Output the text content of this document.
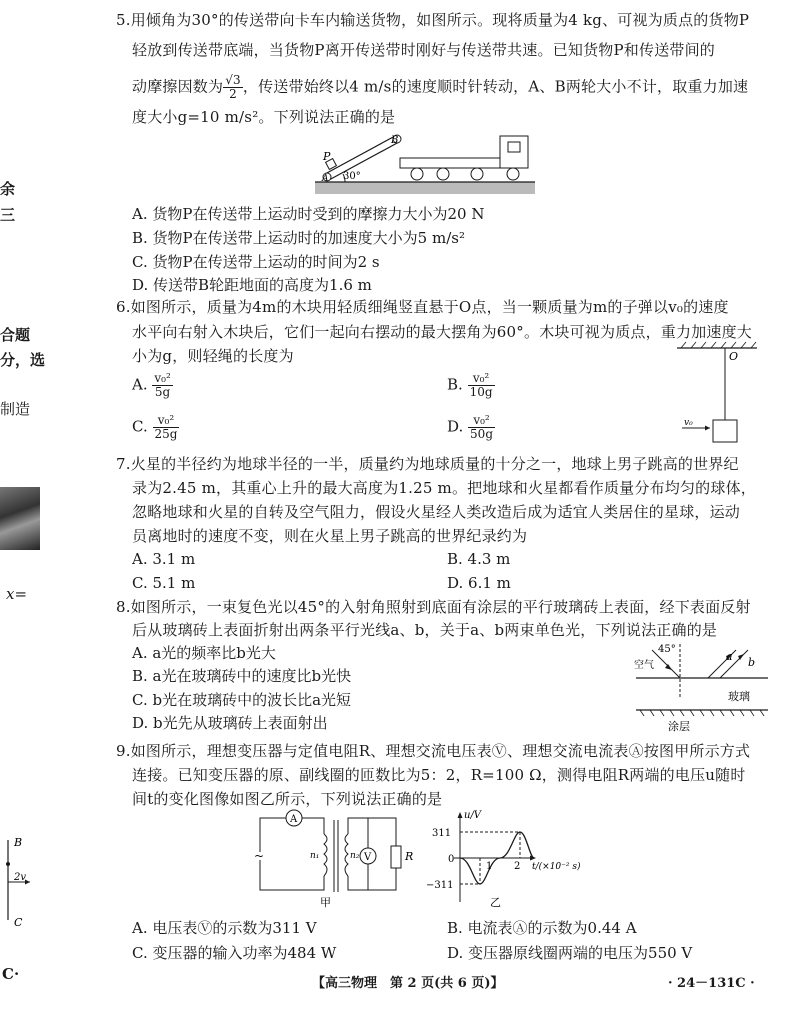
余
三
合题
分，选
制造
x=
C·
B
2v
C
5.用倾角为30°的传送带向卡车内输送货物，如图所示。现将质量为4 kg、可视为质点的货物P
轻放到传送带底端，当货物P离开传送带时刚好与传送带共速。已知货物P和传送带间的
动摩擦因数为 $\frac{√3}{2}$ ，传送带始终以4 m/s的速度顺时针转动，A、B两轮大小不计，取重力加速
度大小g=10 m/s²。下列说法正确的是
B
P
A 30°
A. 货物P在传送带上运动时受到的摩擦力大小为20 N
B. 货物P在传送带上运动时的加速度大小为5 m/s²
C. 货物P在传送带上运动的时间为2 s
D. 传送带B轮距地面的高度为1.6 m
6.如图所示，质量为4m的木块用轻质细绳竖直悬于O点，当一颗质量为m的子弹以v₀的速度
水平向右射入木块后，它们一起向右摆动的最大摆角为60°。木块可视为质点，重力加速度大
小为g，则轻绳的长度为
A. $\frac{\text{v₀²}}{5g}$	B. $\frac{\text{v₀²}}{10g}$
C. $\frac{\text{v₀²}}{25g}$	D. $\frac{\text{v₀²}}{50g}$
O
v₀
7.火星的半径约为地球半径的一半，质量约为地球质量的十分之一，地球上男子跳高的世界纪
录为2.45 m，其重心上升的最大高度为1.25 m。把地球和火星都看作质量分布均匀的球体，
忽略地球和火星的自转及空气阻力，假设火星经人类改造后成为适宜人类居住的星球，运动
员离地时的速度不变，则在火星上男子跳高的世界纪录约为
A. 3.1 m	B. 4.3 m
C. 5.1 m	D. 6.1 m
8.如图所示，一束复色光以45°的入射角照射到底面有涂层的平行玻璃砖上表面，经下表面反射
后从玻璃砖上表面折射出两条平行光线a、b，关于a、b两束单色光，下列说法正确的是
A. a光的频率比b光大
B. a光在玻璃砖中的速度比b光快
C. b光在玻璃砖中的波长比a光短
D. b光先从玻璃砖上表面射出
45°
空气
a b
玻璃
涂层
9.如图所示，理想变压器与定值电阻R、理想交流电压表Ⓥ、理想交流电流表Ⓐ按图甲所示方式
连接。已知变压器的原、副线圈的匝数比为5：2，R=100 Ω，测得电阻R两端的电压u随时
间t的变化图像如图乙所示，下列说法正确的是
A
n₁	n₂ V	R
~
甲
u/V
311
0
−311
1 2 t/(×10⁻² s)
乙
A. 电压表Ⓥ的示数为311 V	B. 电流表Ⓐ的示数为0.44 A
C. 变压器的输入功率为484 W	D. 变压器原线圈两端的电压为550 V
【高三物理　第 2 页(共 6 页)】	· 24－131C ·
